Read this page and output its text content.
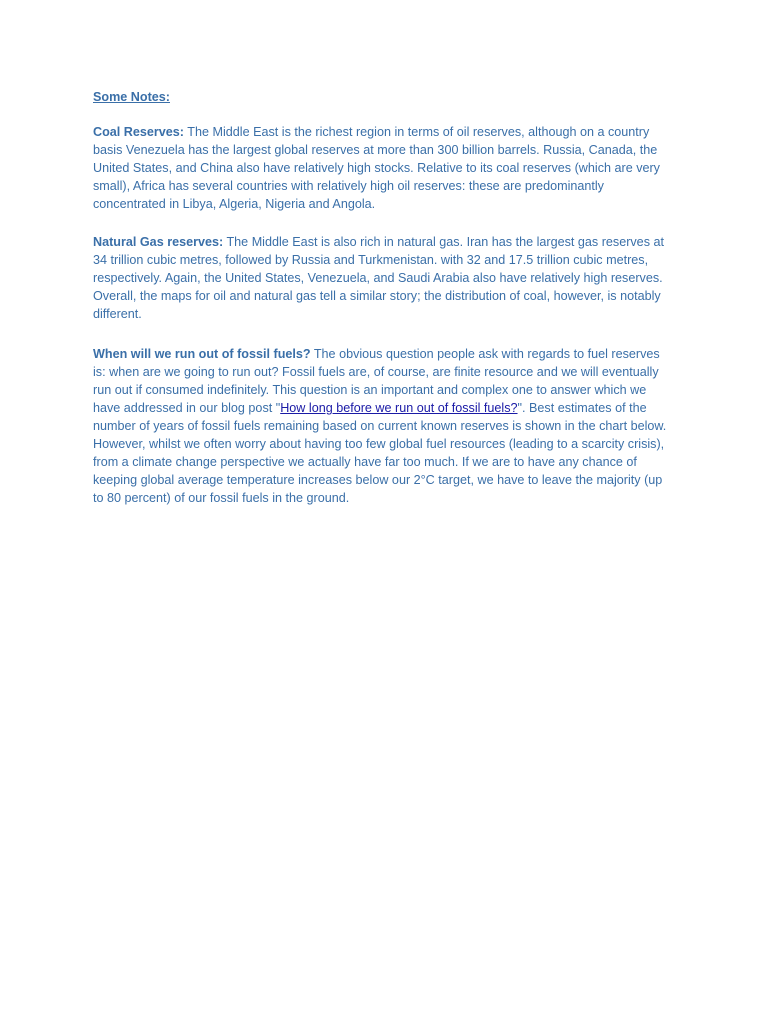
Some Notes:

Coal Reserves: The Middle East is the richest region in terms of oil reserves, although on a country basis Venezuela has the largest global reserves at more than 300 billion barrels. Russia, Canada, the United States, and China also have relatively high stocks. Relative to its coal reserves (which are very small), Africa has several countries with relatively high oil reserves: these are predominantly concentrated in Libya, Algeria, Nigeria and Angola.

Natural Gas reserves: The Middle East is also rich in natural gas. Iran has the largest gas reserves at 34 trillion cubic metres, followed by Russia and Turkmenistan. with 32 and 17.5 trillion cubic metres, respectively. Again, the United States, Venezuela, and Saudi Arabia also have relatively high reserves. Overall, the maps for oil and natural gas tell a similar story; the distribution of coal, however, is notably different.

When will we run out of fossil fuels? The obvious question people ask with regards to fuel reserves is: when are we going to run out? Fossil fuels are, of course, are finite resource and we will eventually run out if consumed indefinitely. This question is an important and complex one to answer which we have addressed in our blog post "How long before we run out of fossil fuels?". Best estimates of the number of years of fossil fuels remaining based on current known reserves is shown in the chart below. However, whilst we often worry about having too few global fuel resources (leading to a scarcity crisis), from a climate change perspective we actually have far too much. If we are to have any chance of keeping global average temperature increases below our 2°C target, we have to leave the majority (up to 80 percent) of our fossil fuels in the ground.
